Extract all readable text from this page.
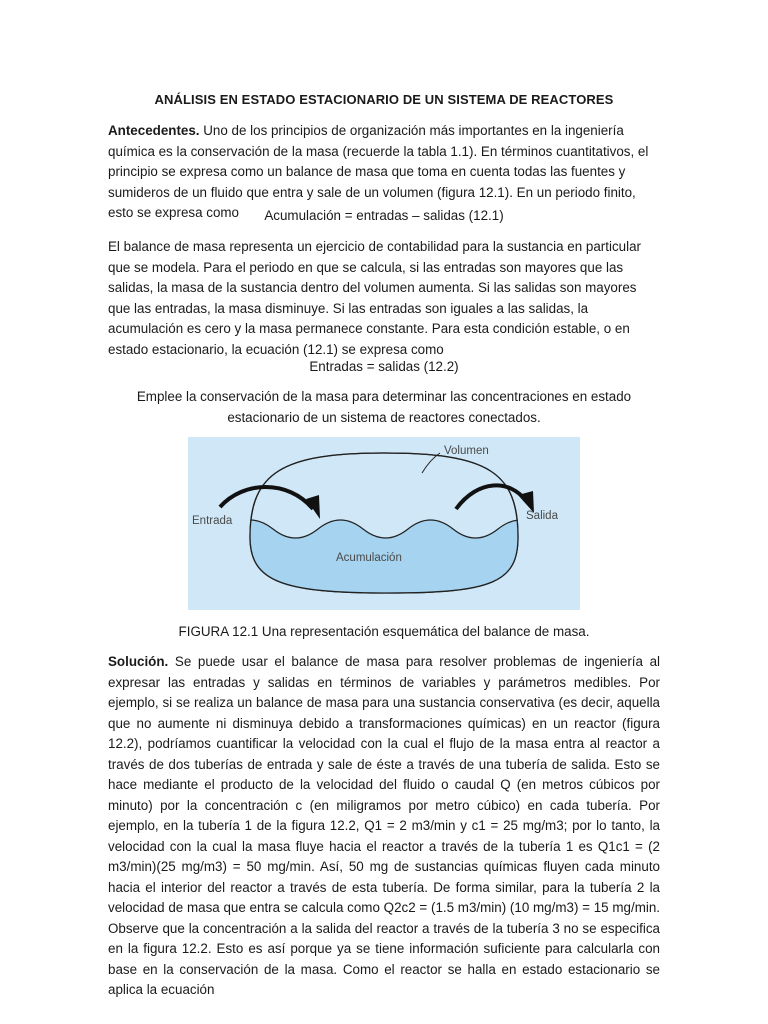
ANÁLISIS EN ESTADO ESTACIONARIO DE UN SISTEMA DE REACTORES

Antecedentes. Uno de los principios de organización más importantes en la ingeniería química es la conservación de la masa (recuerde la tabla 1.1). En términos cuantitativos, el principio se expresa como un balance de masa que toma en cuenta todas las fuentes y sumideros de un fluido que entra y sale de un volumen (figura 12.1). En un periodo finito, esto se expresa como	Acumulación = entradas – salidas (12.1)

El balance de masa representa un ejercicio de contabilidad para la sustancia en particular que se modela. Para el periodo en que se calcula, si las entradas son mayores que las salidas, la masa de la sustancia dentro del volumen aumenta. Si las salidas son mayores que las entradas, la masa disminuye. Si las entradas son iguales a las salidas, la acumulación es cero y la masa permanece constante. Para esta condición estable, o en estado estacionario, la ecuación (12.1) se expresa como

Entradas = salidas (12.2)
Emplee la conservación de la masa para determinar las concentraciones en estado estacionario de un sistema de reactores conectados.
Volumen
Entrada	Salida
Acumulación
FIGURA 12.1 Una representación esquemática del balance de masa.

Solución. Se puede usar el balance de masa para resolver problemas de ingeniería al expresar las entradas y salidas en términos de variables y parámetros medibles. Por ejemplo, si se realiza un balance de masa para una sustancia conservativa (es decir, aquella que no aumente ni disminuya debido a transformaciones químicas) en un reactor (figura 12.2), podríamos cuantificar la velocidad con la cual el flujo de la masa entra al reactor a través de dos tuberías de entrada y sale de éste a través de una tubería de salida. Esto se hace mediante el producto de la velocidad del fluido o caudal Q (en metros cúbicos por minuto) por la concentración c (en miligramos por metro cúbico) en cada tubería. Por ejemplo, en la tubería 1 de la figura 12.2, Q1 = 2 m3/min y c1 = 25 mg/m3; por lo tanto, la velocidad con la cual la masa fluye hacia el reactor a través de la tubería 1 es Q1c1 = (2 m3/min)(25 mg/m3) = 50 mg/min. Así, 50 mg de sustancias químicas fluyen cada minuto hacia el interior del reactor a través de esta tubería. De forma similar, para la tubería 2 la velocidad de masa que entra se calcula como Q2c2 = (1.5 m3/min) (10 mg/m3) = 15 mg/min. Observe que la concentración a la salida del reactor a través de la tubería 3 no se especifica en la figura 12.2. Esto es así porque ya se tiene información suficiente para calcularla con base en la conservación de la masa. Como el reactor se halla en estado estacionario se aplica la ecuación
